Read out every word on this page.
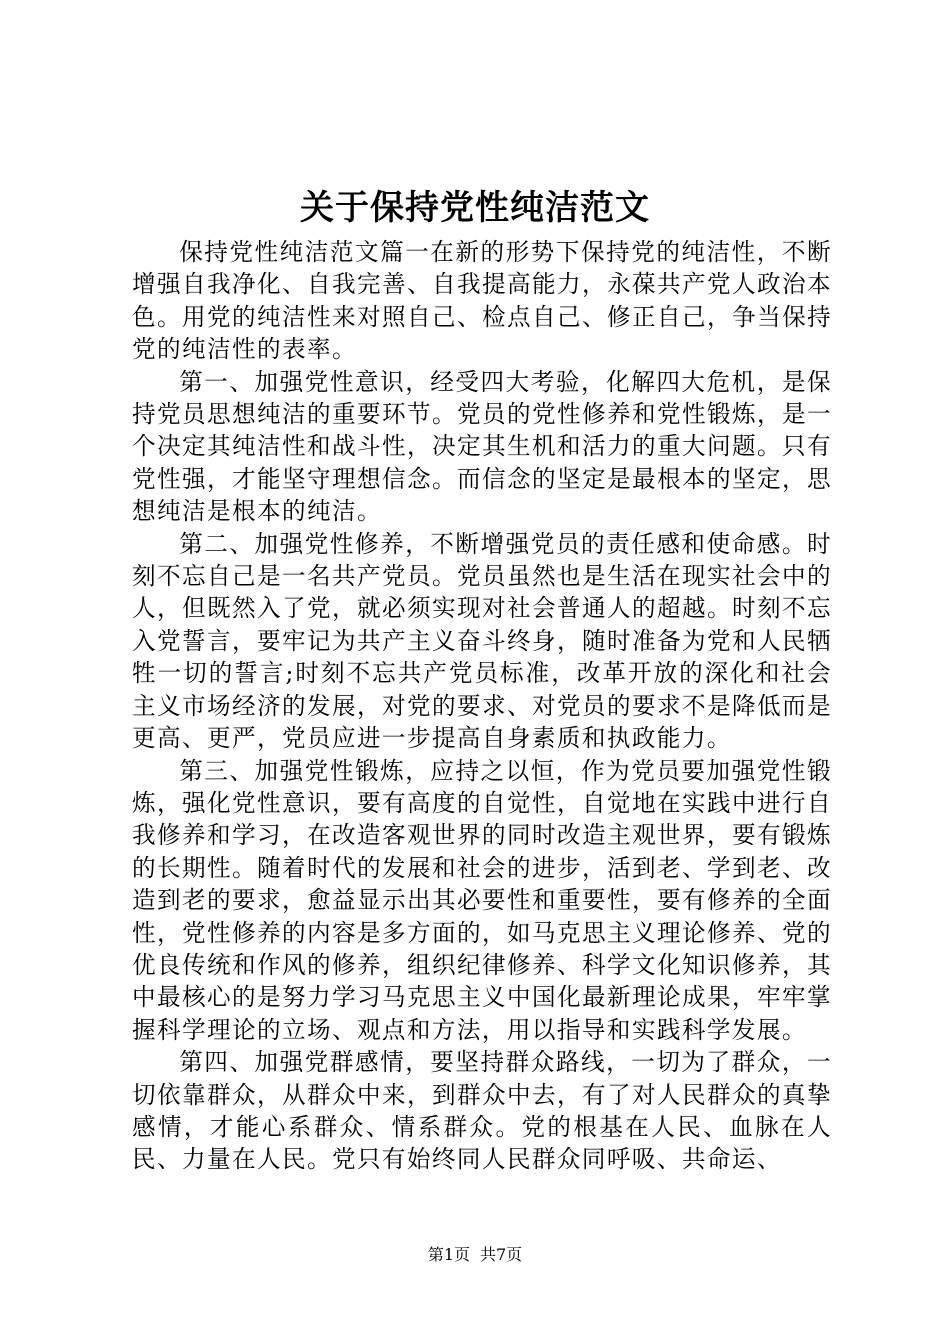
关于保持党性纯洁范文

保持党性纯洁范文篇一在新的形势下保持党的纯洁性，不断增强自我净化、自我完善、自我提高能力，永葆共产党人政治本色。用党的纯洁性来对照自己、检点自己、修正自己，争当保持党的纯洁性的表率。

第一、加强党性意识，经受四大考验，化解四大危机，是保持党员思想纯洁的重要环节。党员的党性修养和党性锻炼，是一个决定其纯洁性和战斗性，决定其生机和活力的重大问题。只有党性强，才能坚守理想信念。而信念的坚定是最根本的坚定，思想纯洁是根本的纯洁。

第二、加强党性修养，不断增强党员的责任感和使命感。时刻不忘自己是一名共产党员。党员虽然也是生活在现实社会中的人，但既然入了党，就必须实现对社会普通人的超越。时刻不忘入党誓言，要牢记为共产主义奋斗终身，随时准备为党和人民牺牲一切的誓言;时刻不忘共产党员标准，改革开放的深化和社会主义市场经济的发展，对党的要求、对党员的要求不是降低而是更高、更严，党员应进一步提高自身素质和执政能力。

第三、加强党性锻炼，应持之以恒，作为党员要加强党性锻炼，强化党性意识，要有高度的自觉性，自觉地在实践中进行自我修养和学习，在改造客观世界的同时改造主观世界，要有锻炼的长期性。随着时代的发展和社会的进步，活到老、学到老、改造到老的要求，愈益显示出其必要性和重要性，要有修养的全面性，党性修养的内容是多方面的，如马克思主义理论修养、党的优良传统和作风的修养，组织纪律修养、科学文化知识修养，其中最核心的是努力学习马克思主义中国化最新理论成果，牢牢掌握科学理论的立场、观点和方法，用以指导和实践科学发展。

第四、加强党群感情，要坚持群众路线，一切为了群众，一切依靠群众，从群众中来，到群众中去，有了对人民群众的真挚感情，才能心系群众、情系群众。党的根基在人民、血脉在人民、力量在人民。党只有始终同人民群众同呼吸、共命运、

第1页 共7页
